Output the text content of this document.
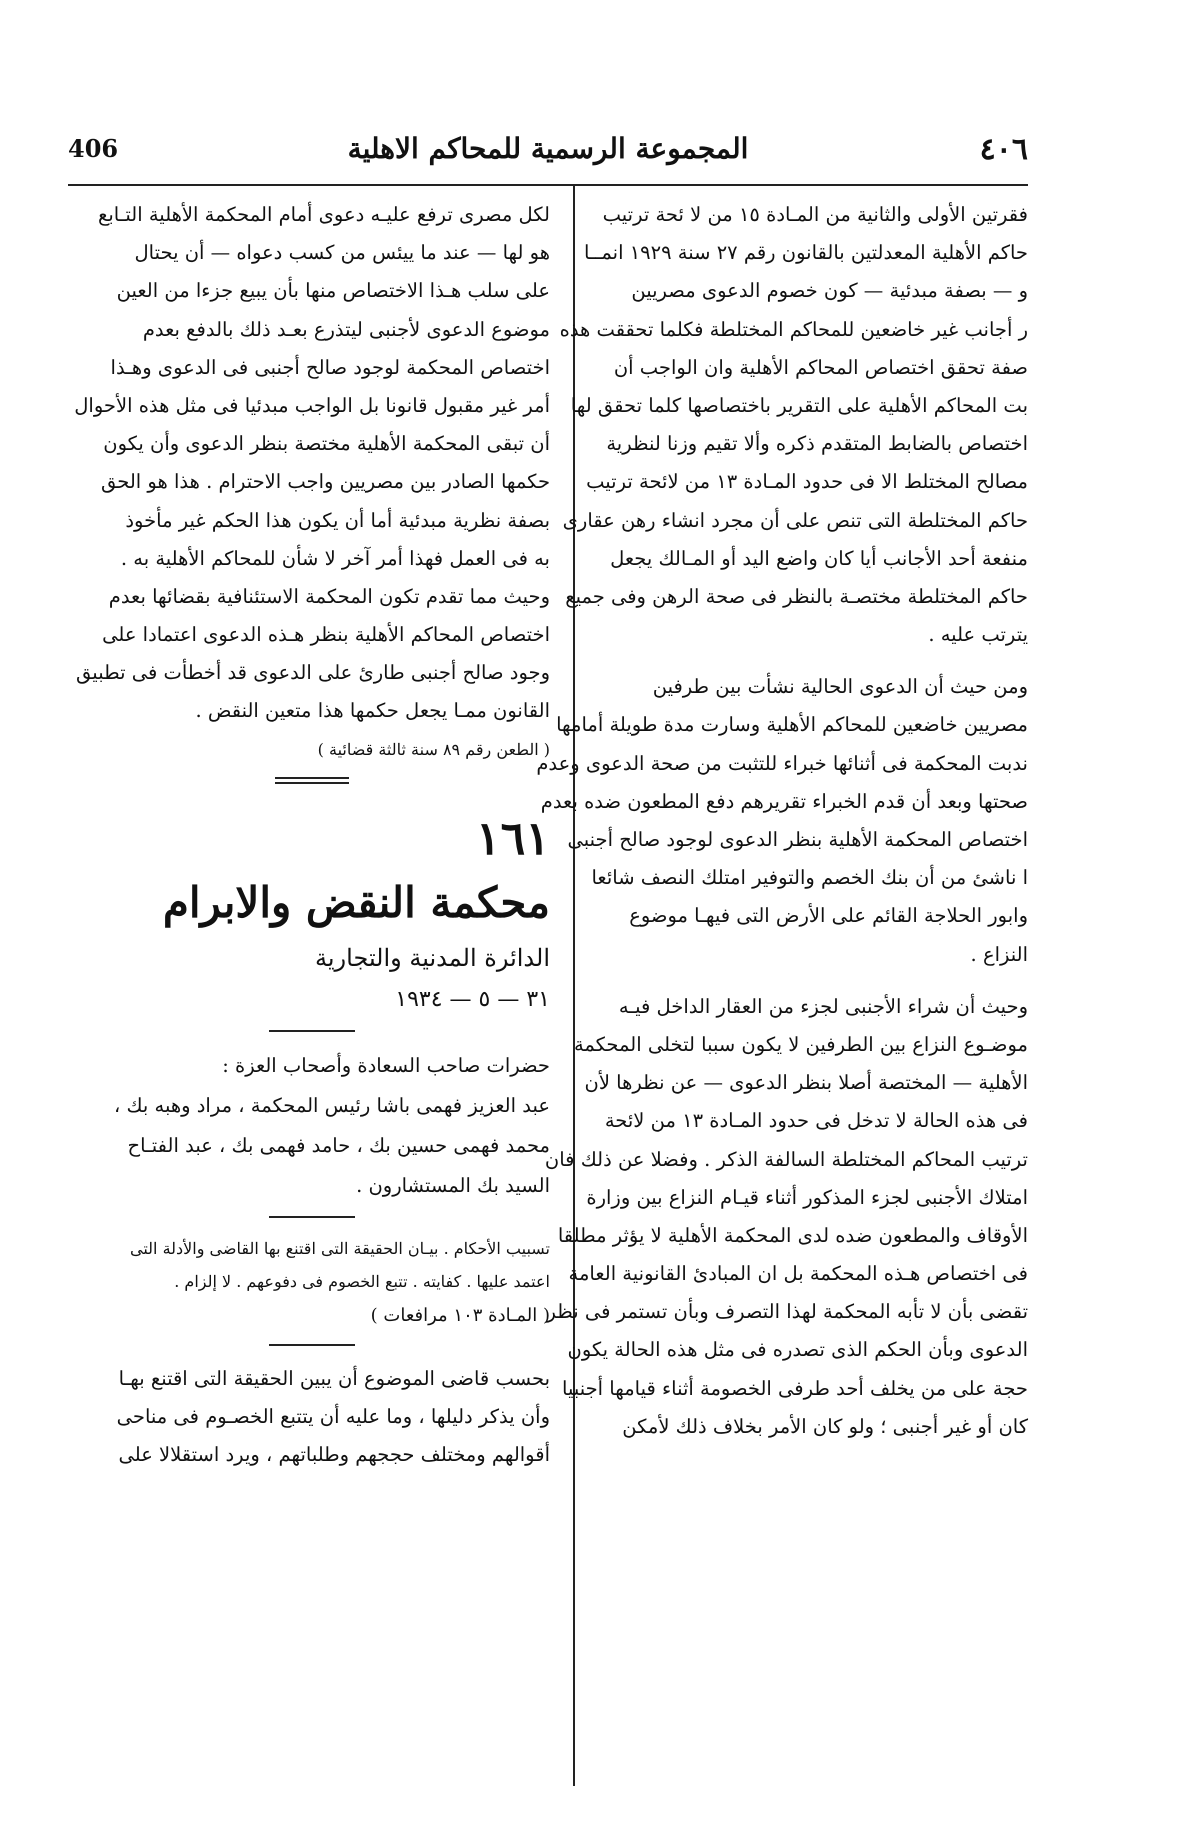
٤٠٦
المجموعة الرسمية للمحاكم الاهلية
406
فقرتين الأولى والثانية من المـادة ١٥ من لا ئحة ترتيب
حاكم الأهلية المعدلتين بالقانون رقم ٢٧ سنة ١٩٢٩ انمــا
و — بصفة مبدئية — كون خصوم الدعوى مصريين
ر أجانب غير خاضعين للمحاكم المختلطة فكلما تحققت هذه
صفة تحقق اختصاص المحاكم الأهلية وان الواجب أن
بت المحاكم الأهلية على التقرير باختصاصها كلما تحقق لها
اختصاص بالضابط المتقدم ذكره وألا تقيم وزنا لنظرية
مصالح المختلط الا فى حدود المـادة ١٣ من لائحة ترتيب
حاكم المختلطة التى تنص على أن مجرد انشاء رهن عقارى
منفعة أحد الأجانب أيا كان واضع اليد أو المـالك يجعل
حاكم المختلطة مختصـة بالنظر فى صحة الرهن وفى جميع
يترتب عليه .
ومن حيث أن الدعوى الحالية نشأت بين طرفين
مصريين خاضعين للمحاكم الأهلية وسارت مدة طويلة أمامها
ندبت المحكمة فى أثنائها خبراء للتثبت من صحة الدعوى وعدم
صحتها وبعد أن قدم الخبراء تقريرهم دفع المطعون ضده بعدم
اختصاص المحكمة الأهلية بنظر الدعوى لوجود صالح أجنبى
ا ناشئ من أن بنك الخصم والتوفير امتلك النصف شائعا
وابور الحلاجة القائم على الأرض التى فيهـا موضوع
النزاع .
وحيث أن شراء الأجنبى لجزء من العقار الداخل فيـه
موضـوع النزاع بين الطرفين لا يكون سببا لتخلى المحكمة
الأهلية — المختصة أصلا بنظر الدعوى — عن نظرها لأن
فى هذه الحالة لا تدخل فى حدود المـادة ١٣ من لائحة
ترتيب المحاكم المختلطة السالفة الذكر . وفضلا عن ذلك فان
امتلاك الأجنبى لجزء المذكور أثناء قيـام النزاع بين وزارة
الأوقاف والمطعون ضده لدى المحكمة الأهلية لا يؤثر مطلقا
فى اختصاص هـذه المحكمة بل ان المبادئ القانونية العامة
تقضى بأن لا تأبه المحكمة لهذا التصرف وبأن تستمر فى نظر
الدعوى وبأن الحكم الذى تصدره فى مثل هذه الحالة يكون
حجة على من يخلف أحد طرفى الخصومة أثناء قيامها أجنبيا
كان أو غير أجنبى ؛ ولو كان الأمر بخلاف ذلك لأمكن
لكل مصرى ترفع عليـه دعوى أمام المحكمة الأهلية التـابع
هو لها — عند ما ييئس من كسب دعواه — أن يحتال
على سلب هـذا الاختصاص منها بأن يبيع جزءا من العين
موضوع الدعوى لأجنبى ليتذرع بعـد ذلك بالدفع بعدم
اختصاص المحكمة لوجود صالح أجنبى فى الدعوى وهـذا
أمر غير مقبول قانونا بل الواجب مبدئيا فى مثل هذه الأحوال
أن تبقى المحكمة الأهلية مختصة بنظر الدعوى وأن يكون
حكمها الصادر بين مصريين واجب الاحترام . هذا هو الحق
بصفة نظرية مبدئية أما أن يكون هذا الحكم غير مأخوذ
به فى العمل فهذا أمر آخر لا شأن للمحاكم الأهلية به .
وحيث مما تقدم تكون المحكمة الاستئنافية بقضائها بعدم
اختصاص المحاكم الأهلية بنظر هـذه الدعوى اعتمادا على
وجود صالح أجنبى طارئ على الدعوى قد أخطأت فى تطبيق
القانون ممـا يجعل حكمها هذا متعين النقض .
( الطعن رقم ٨٩ سنة ثالثة قضائية )
١٦١
محكمة النقض والابرام
الدائرة المدنية والتجارية
٣١ — ٥ — ١٩٣٤
حضرات صاحب السعادة وأصحاب العزة :
عبد العزيز فهمى باشا رئيس المحكمة ، مراد وهبه بك ،
محمد فهمى حسين بك ، حامد فهمى بك ، عبد الفتـاح
السيد بك المستشارون .
تسبيب الأحكام . بيـان الحقيقة التى اقتنع بها القاضى والأدلة التى
اعتمد عليها . كفايته . تتبع الخصوم فى دفوعهم . لا إلزام .
( المـادة ١٠٣ مرافعات )
بحسب قاضى الموضوع أن يبين الحقيقة التى اقتنع بهـا
وأن يذكر دليلها ، وما عليه أن يتتبع الخصـوم فى مناحى
أقوالهم ومختلف حججهم وطلباتهم ، ويرد استقلالا على
